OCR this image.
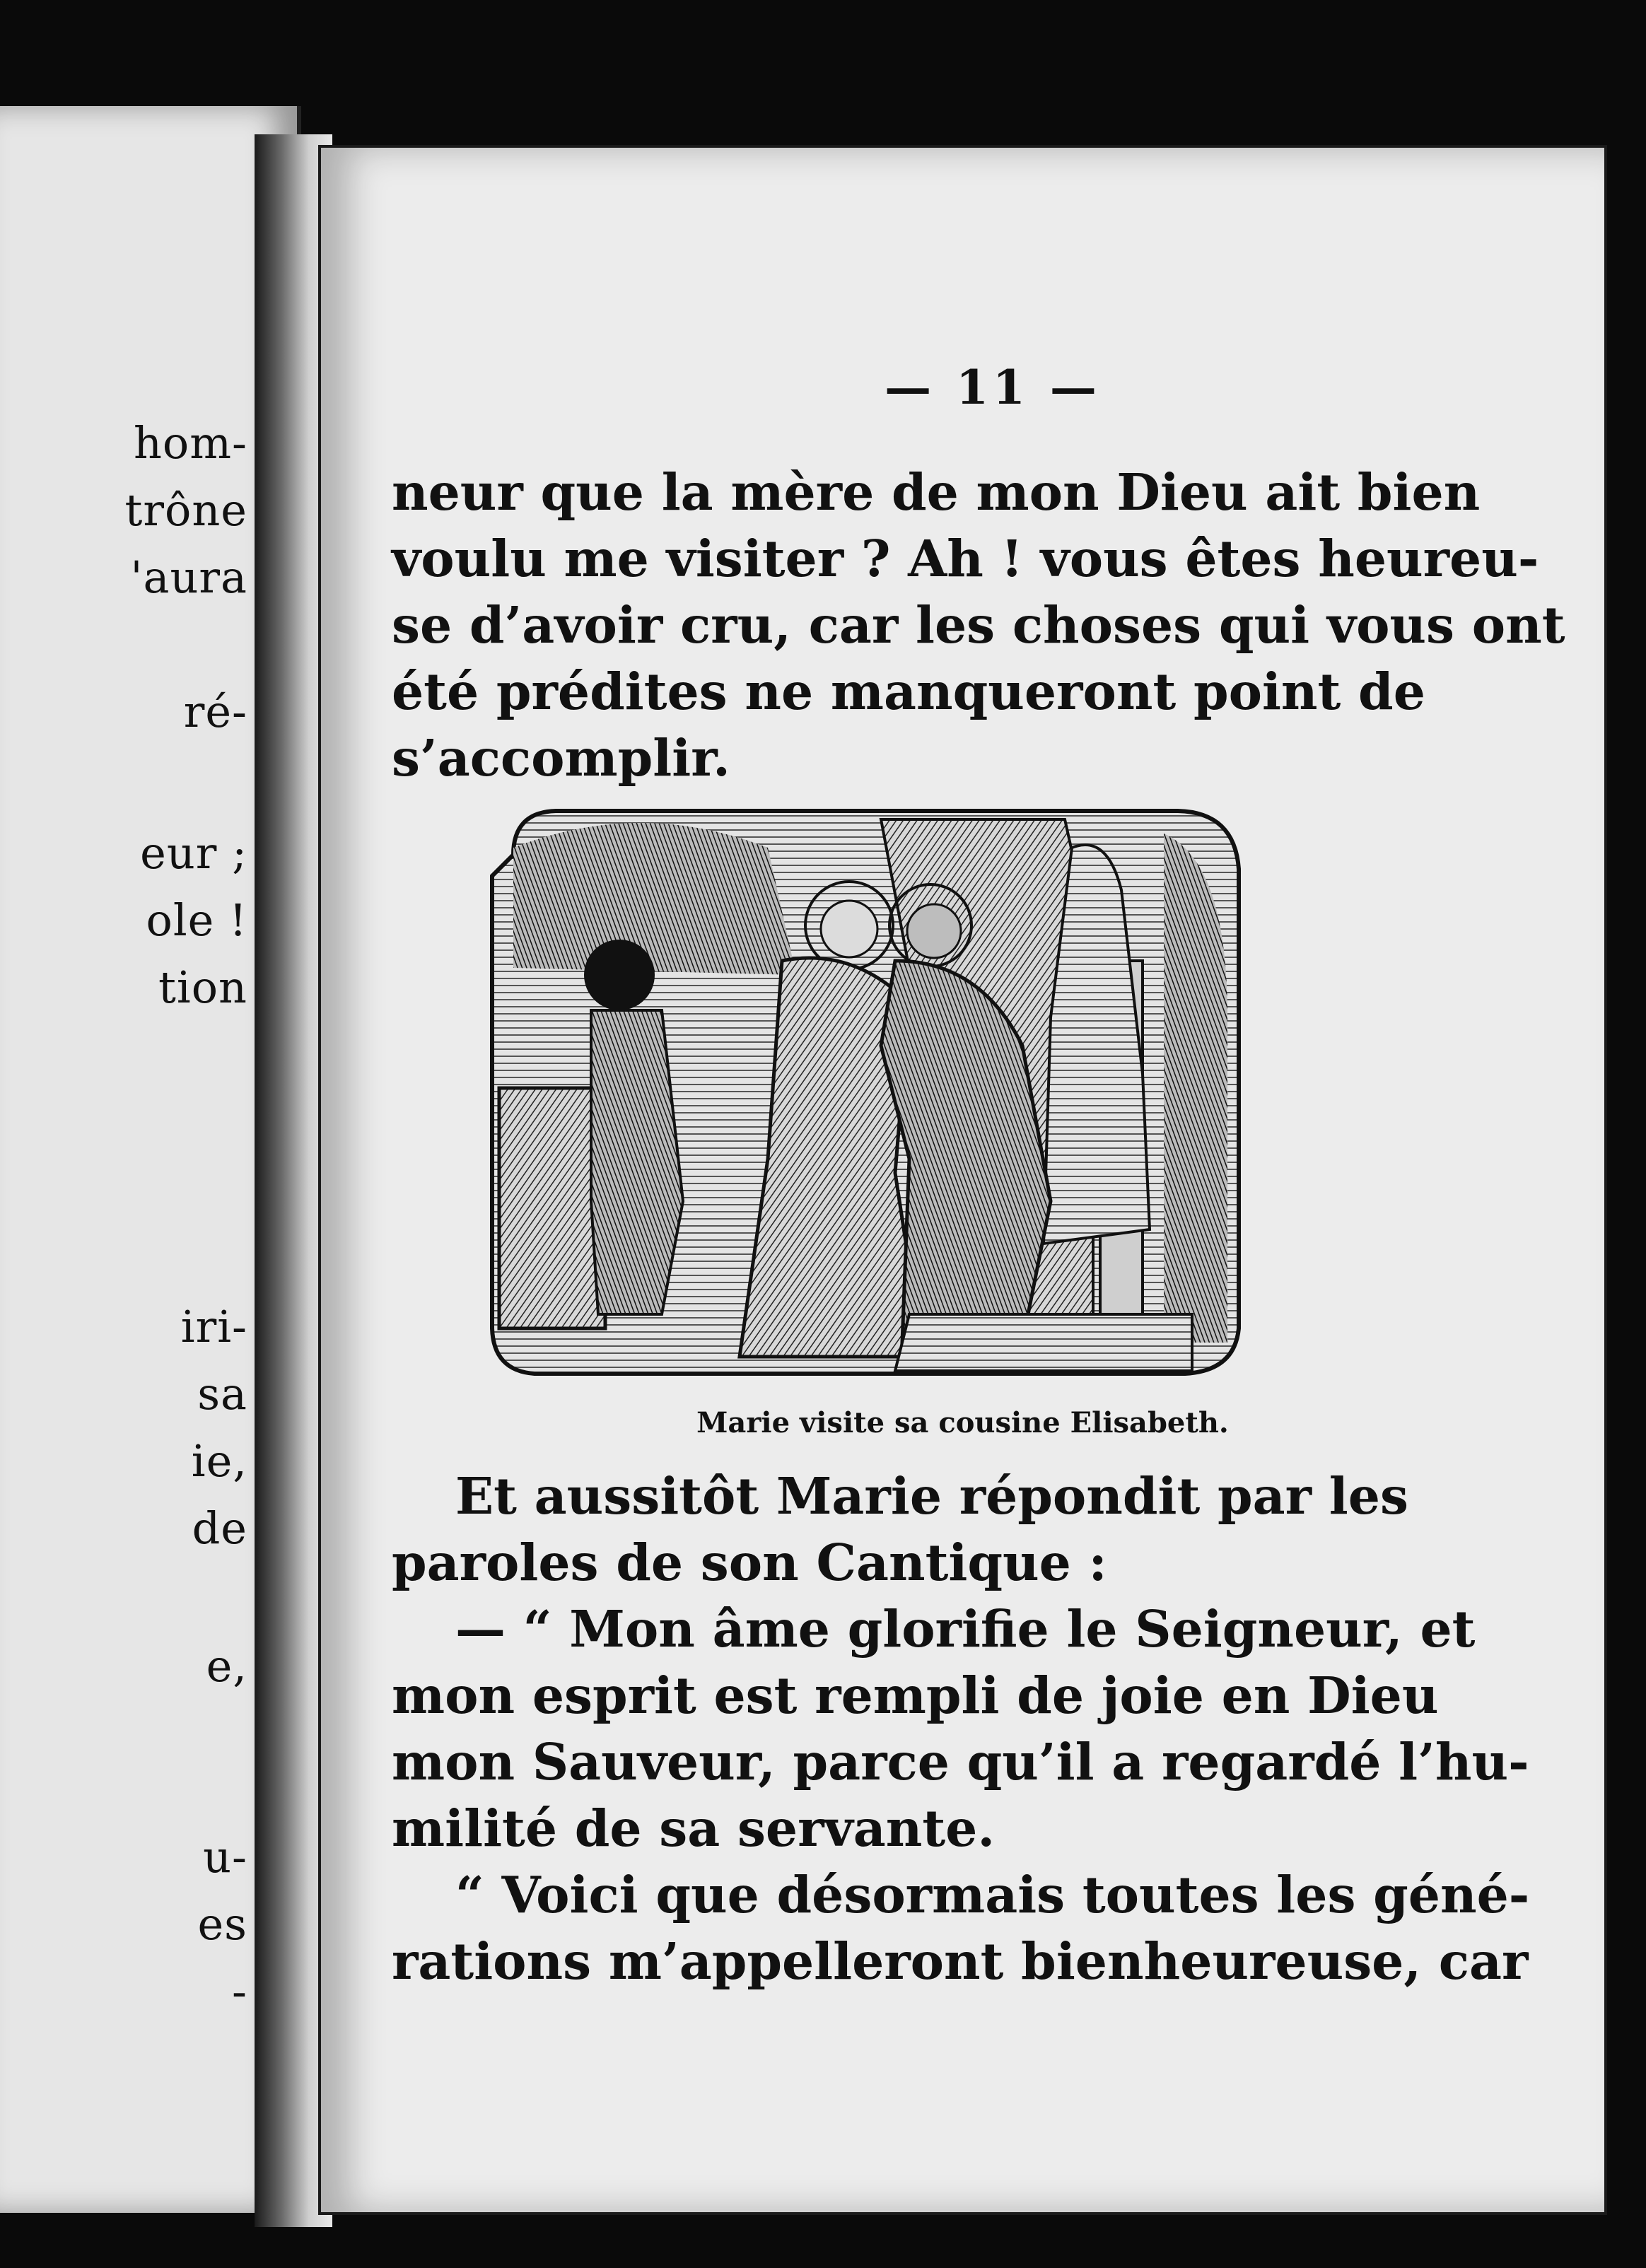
hom-
trône
'aura
ré-
eur ;
ole !
tion
iri-
sa
ie,
de
e,
u-
es
-
— 11 —
neur que la mère de mon Dieu ait bien
voulu me visiter ? Ah ! vous êtes heureu-
se d’avoir cru, car les choses qui vous ont
été prédites ne manqueront point de
s’accomplir.
Marie visite sa cousine Elisabeth.
Et aussitôt Marie répondit par les
paroles de son Cantique :
— “ Mon âme glorifie le Seigneur, et
mon esprit est rempli de joie en Dieu
mon Sauveur, parce qu’il a regardé l’hu-
milité de sa servante.
“ Voici que désormais toutes les géné-
rations m’appelleront bienheureuse, car
